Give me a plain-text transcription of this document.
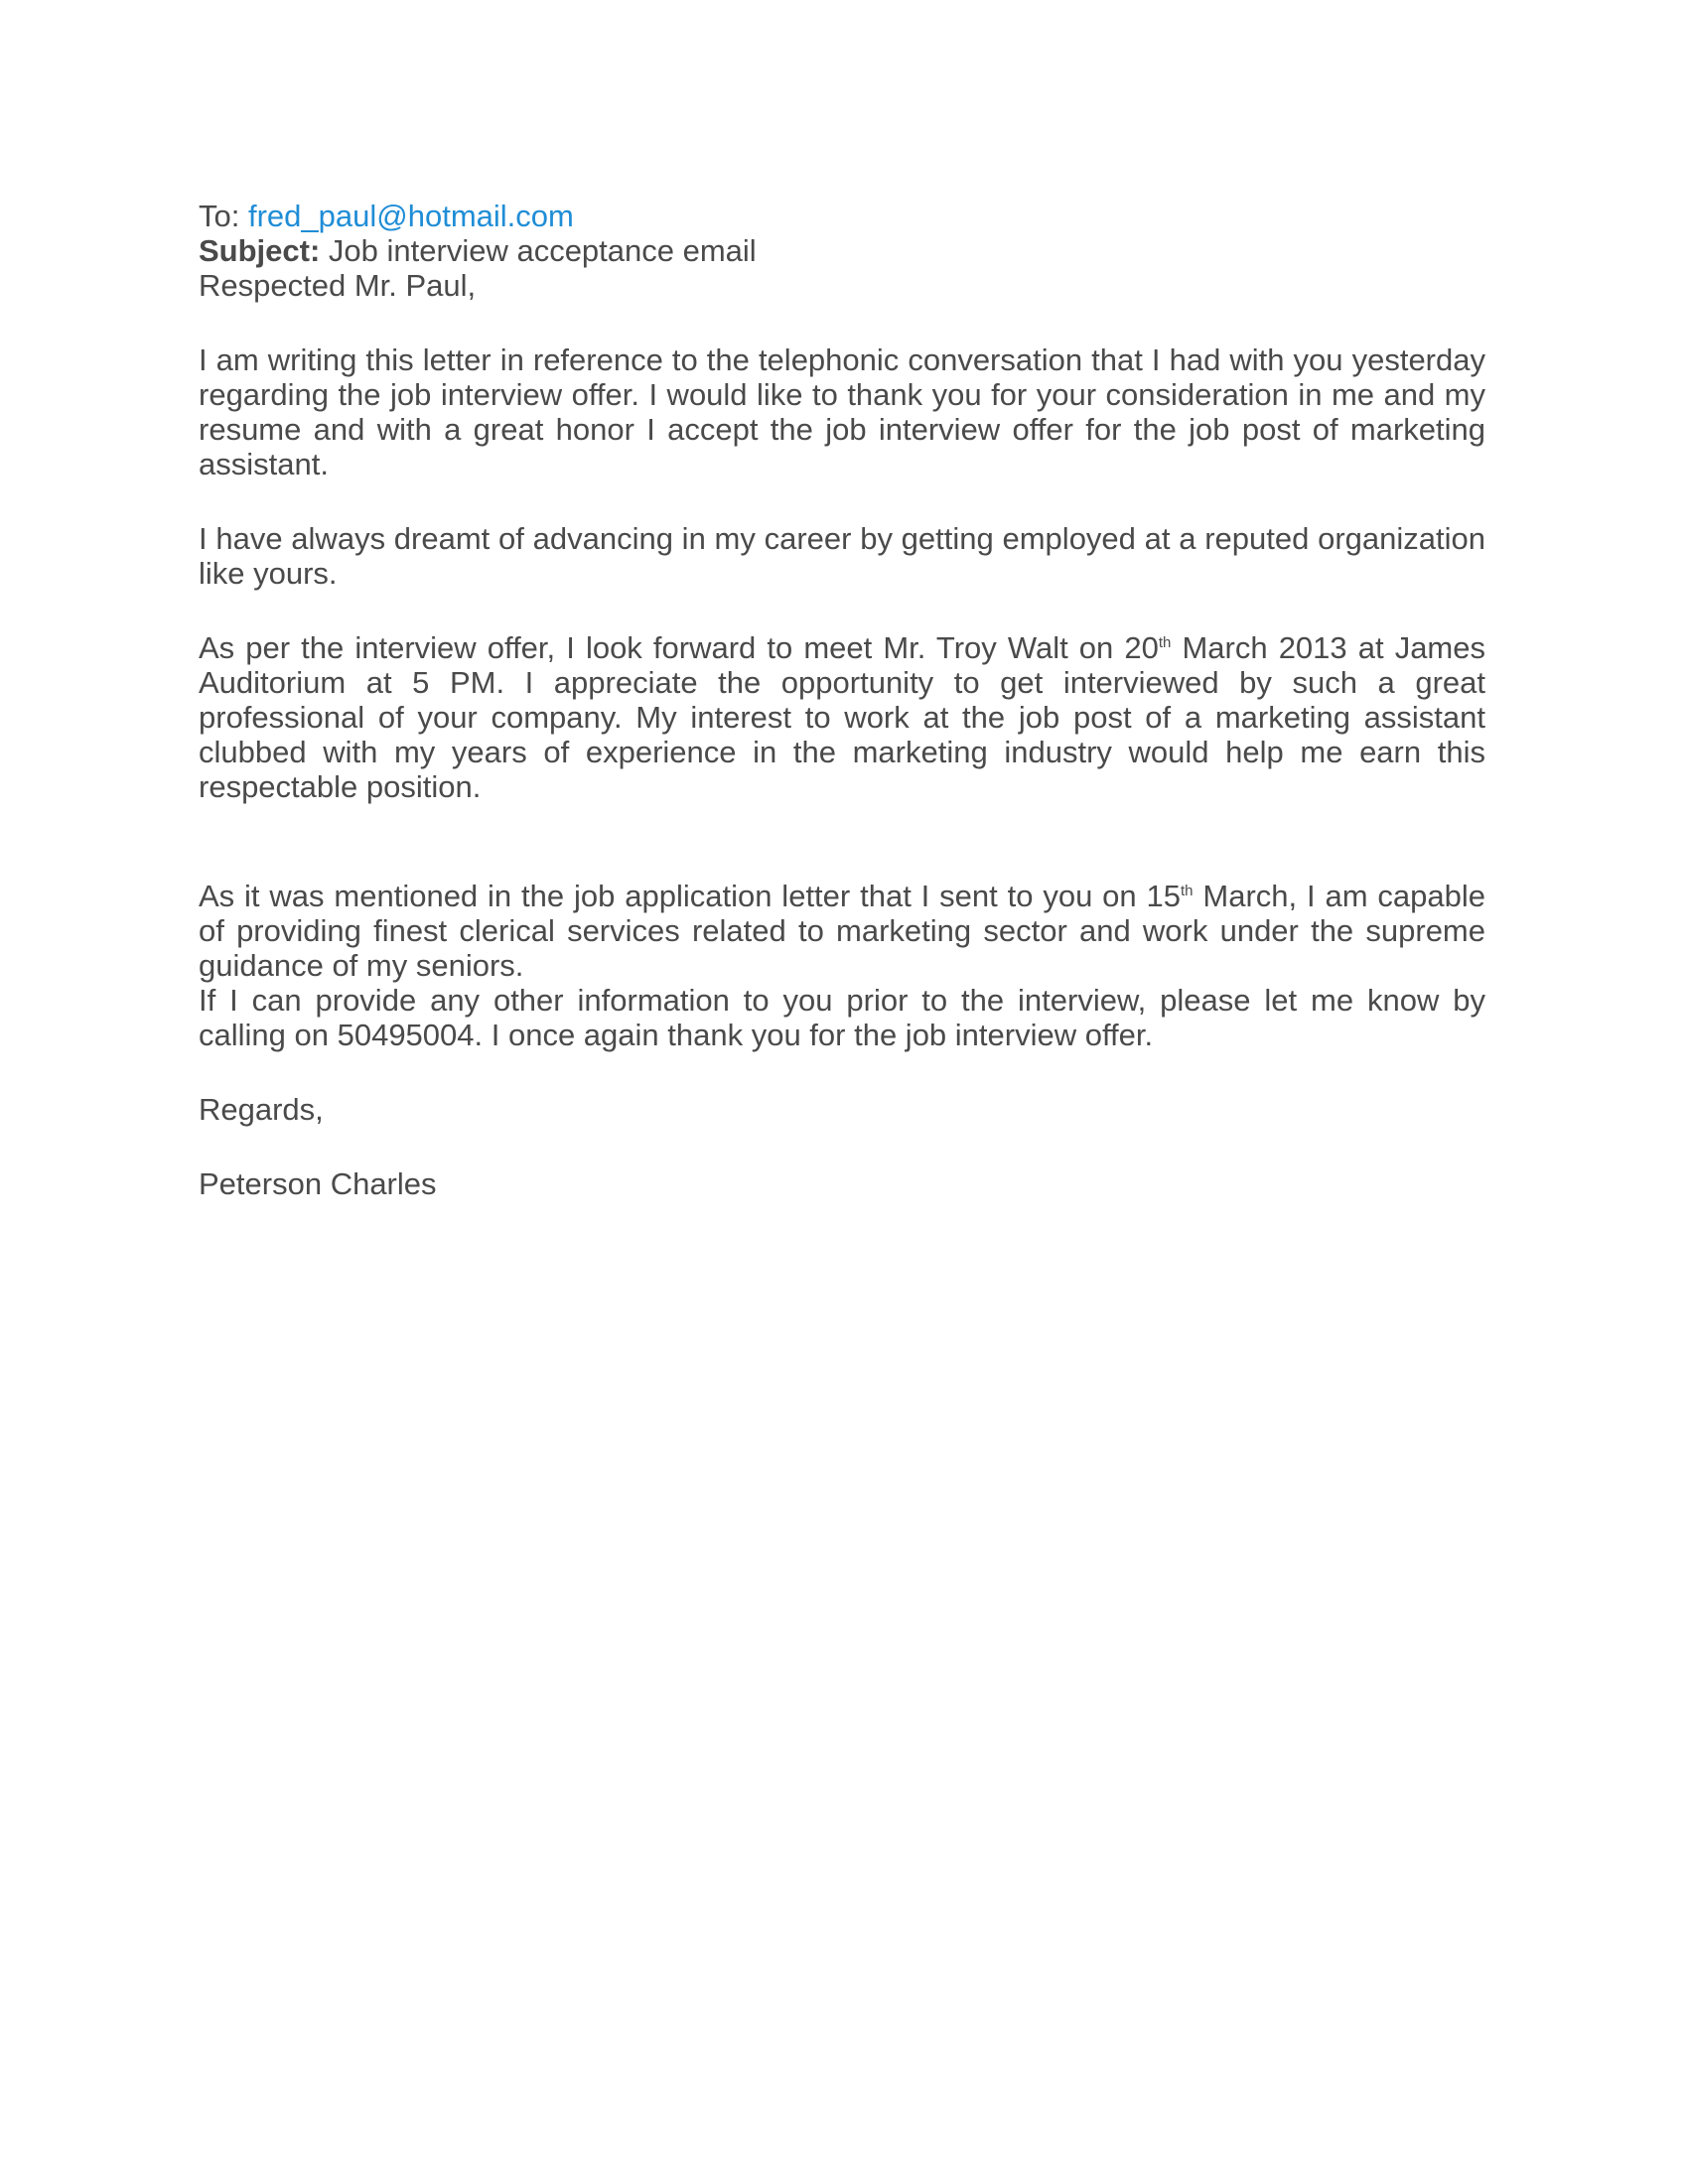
To: fred_paul@hotmail.com

Subject: Job interview acceptance email

Respected Mr. Paul,

I am writing this letter in reference to the telephonic conversation that I had with you yesterday regarding the job interview offer. I would like to thank you for your consideration in me and my resume and with a great honor I accept the job interview offer for the job post of marketing assistant.

I have always dreamt of advancing in my career by getting employed at a reputed organization like yours.

As per the interview offer, I look forward to meet Mr. Troy Walt on 20th March 2013 at James Auditorium at 5 PM. I appreciate the opportunity to get interviewed by such a great professional of your company. My interest to work at the job post of a marketing assistant clubbed with my years of experience in the marketing industry would help me earn this respectable position.

As it was mentioned in the job application letter that I sent to you on 15th March, I am capable of providing finest clerical services related to marketing sector and work under the supreme guidance of my seniors.

If I can provide any other information to you prior to the interview, please let me know by calling on 50495004. I once again thank you for the job interview offer.

Regards,

Peterson Charles
